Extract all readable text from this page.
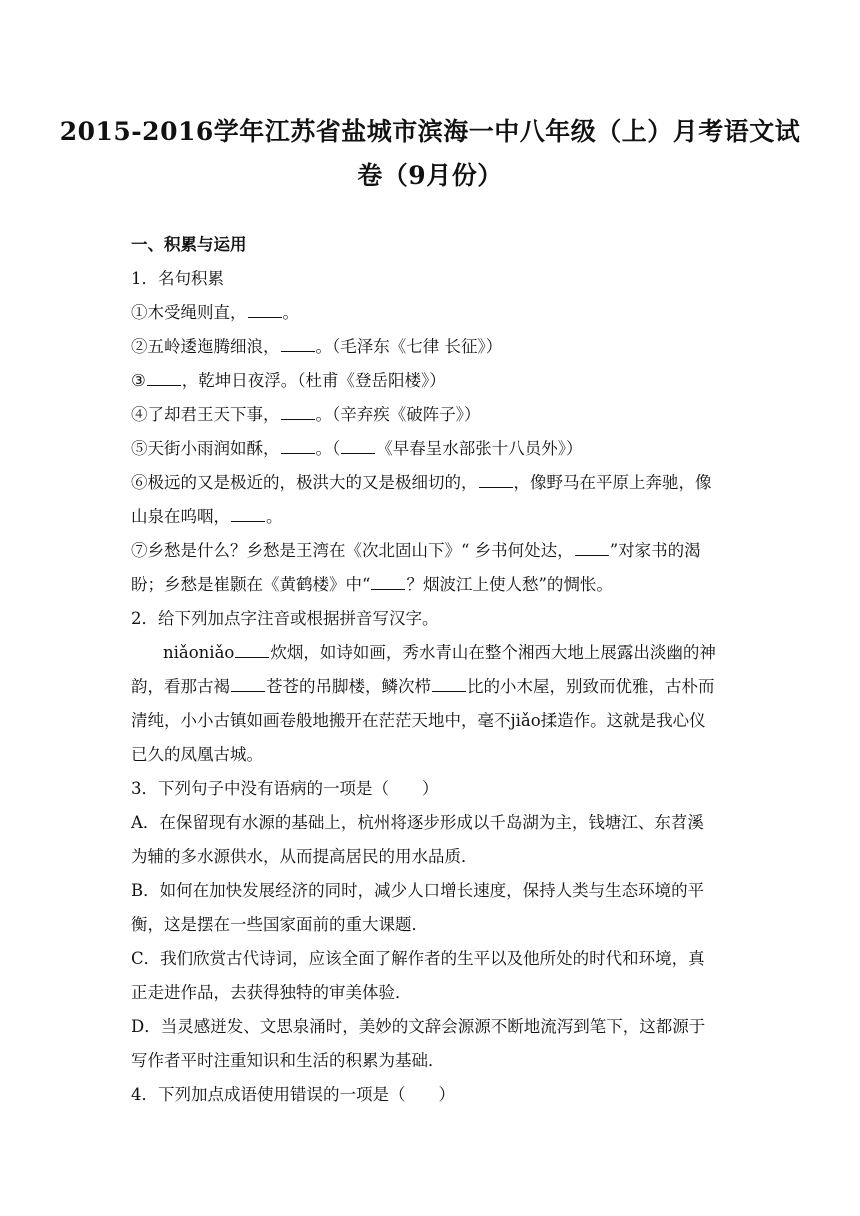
2015-2016学年江苏省盐城市滨海一中八年级（上）月考语文试
卷（9月份）
一、积累与运用
1．名句积累
①木受绳则直， 。
②五岭逶迤腾细浪， 。（毛泽东《七律 长征》）
③ ，乾坤日夜浮。（杜甫《登岳阳楼》）
④了却君王天下事， 。（辛弃疾《破阵子》）
⑤天街小雨润如酥， 。（ 《早春呈水部张十八员外》）
⑥极远的又是极近的，极洪大的又是极细切的， ，像野马在平原上奔驰，像
山泉在呜咽， 。
⑦乡愁是什么？乡愁是王湾在《次北固山下》“ 乡书何处达， ”对家书的渴
盼；乡愁是崔颢在《黄鹤楼》中“ ？烟波江上使人愁”的惆怅。
2．给下列加点字注音或根据拼音写汉字。
niǎoniǎo 炊烟，如诗如画，秀水青山在整个湘西大地上展露出淡幽的神
韵，看那古褐 苍苍的吊脚楼，鳞次栉 比的小木屋，别致而优雅，古朴而
清纯，小小古镇如画卷般地搬开在茫茫天地中，毫不jiǎo揉造作。这就是我心仪
已久的凤凰古城。
3．下列句子中没有语病的一项是（　　）
A．在保留现有水源的基础上，杭州将逐步形成以千岛湖为主，钱塘江、东苕溪
为辅的多水源供水，从而提高居民的用水品质．
B．如何在加快发展经济的同时，减少人口增长速度，保持人类与生态环境的平
衡，这是摆在一些国家面前的重大课题．
C．我们欣赏古代诗词，应该全面了解作者的生平以及他所处的时代和环境，真
正走进作品，去获得独特的审美体验．
D．当灵感迸发、文思泉涌时，美妙的文辞会源源不断地流泻到笔下，这都源于
写作者平时注重知识和生活的积累为基础．
4．下列加点成语使用错误的一项是（　　）
